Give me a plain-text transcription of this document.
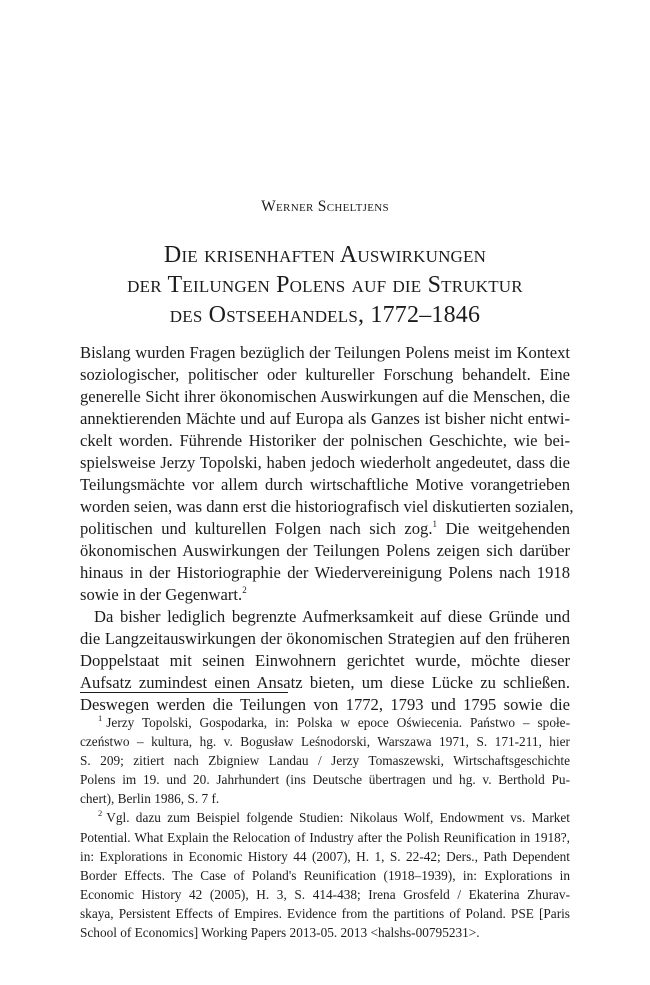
Werner Scheltjens
Die krisenhaften Auswirkungen
der Teilungen Polens auf die Struktur
des Ostseehandels, 1772–1846
Bislang wurden Fragen bezüglich der Teilungen Polens meist im Kontext
soziologischer, politischer oder kultureller Forschung behandelt. Eine
generelle Sicht ihrer ökonomischen Auswirkungen auf die Menschen, die
annektierenden Mächte und auf Europa als Ganzes ist bisher nicht entwi-
ckelt worden. Führende Historiker der polnischen Geschichte, wie bei-
spielsweise Jerzy Topolski, haben jedoch wiederholt angedeutet, dass die
Teilungsmächte vor allem durch wirtschaftliche Motive vorangetrieben
worden seien, was dann erst die historiografisch viel diskutierten sozialen,
politischen und kulturellen Folgen nach sich zog.$^1$ Die weitgehenden
ökonomischen Auswirkungen der Teilungen Polens zeigen sich darüber
hinaus in der Historiographie der Wiedervereinigung Polens nach 1918
sowie in der Gegenwart.$^2$
Da bisher lediglich begrenzte Aufmerksamkeit auf diese Gründe und
die Langzeitauswirkungen der ökonomischen Strategien auf den früheren
Doppelstaat mit seinen Einwohnern gerichtet wurde, möchte dieser
Aufsatz zumindest einen Ansatz bieten, um diese Lücke zu schließen.
Deswegen werden die Teilungen von 1772, 1793 und 1795 sowie die
$^1$ Jerzy Topolski, Gospodarka, in: Polska w epoce Oświecenia. Państwo – społe-
czeństwo – kultura, hg. v. Bogusław Leśnodorski, Warszawa 1971, S. 171-211, hier
S. 209; zitiert nach Zbigniew Landau / Jerzy Tomaszewski, Wirtschaftsgeschichte
Polens im 19. und 20. Jahrhundert (ins Deutsche übertragen und hg. v. Berthold Pu-
chert), Berlin 1986, S. 7 f.
$^2$ Vgl. dazu zum Beispiel folgende Studien: Nikolaus Wolf, Endowment vs. Market
Potential. What Explain the Relocation of Industry after the Polish Reunification in 1918?,
in: Explorations in Economic History 44 (2007), H. 1, S. 22-42; Ders., Path Dependent
Border Effects. The Case of Poland's Reunification (1918–1939), in: Explorations in
Economic History 42 (2005), H. 3, S. 414-438; Irena Grosfeld / Ekaterina Zhurav-
skaya, Persistent Effects of Empires. Evidence from the partitions of Poland. PSE [Paris
School of Economics] Working Papers 2013-05. 2013 <halshs-00795231>.
